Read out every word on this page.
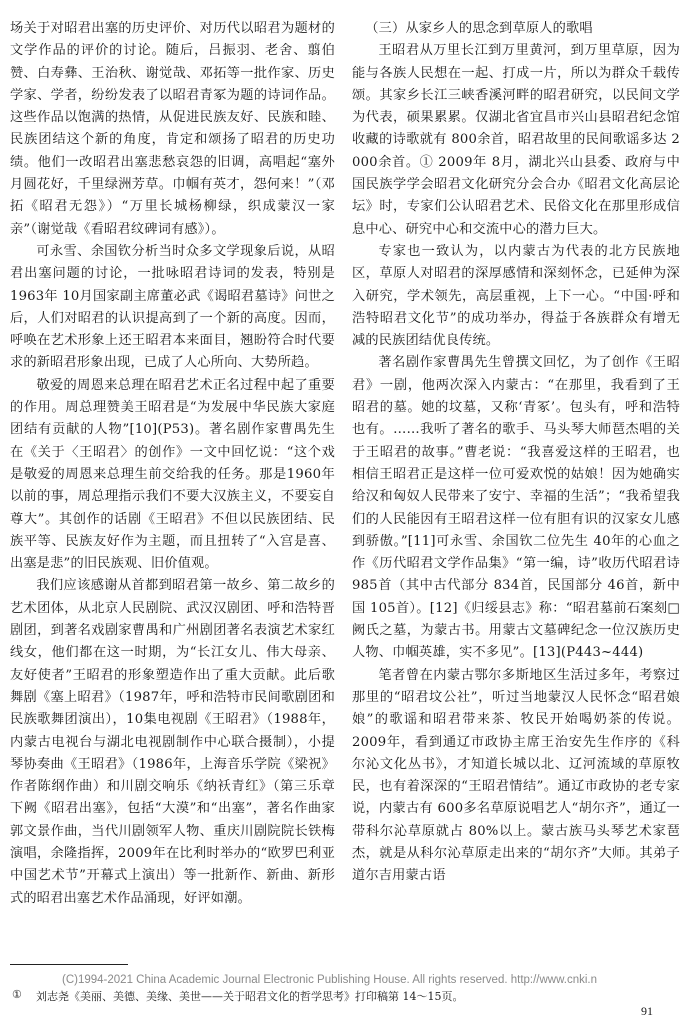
场关于对昭君出塞的历史评价、对历代以昭君为题材的文学作品的评价的讨论。随后，吕振羽、老舍、翦伯赞、白寿彝、王治秋、谢觉哉、邓拓等一批作家、历史学家、学者，纷纷发表了以昭君青冢为题的诗词作品。这些作品以饱满的热情，从促进民族友好、民族和睦、民族团结这个新的角度，肯定和颂扬了昭君的历史功绩。他们一改昭君出塞悲愁哀怨的旧调，高唱起“塞外月圆花好，千里绿洲芳草。巾帼有英才，怨何来！”（邓拓《昭君无怨》）“万里长城杨柳绿，织成蒙汉一家亲”（谢觉哉《看昭君纹碑词有感》）。

可永雪、余国钦分析当时众多文学现象后说，从昭君出塞问题的讨论，一批咏昭君诗词的发表，特别是 1963年 10月国家副主席董必武《谒昭君墓诗》问世之后，人们对昭君的认识提高到了一个新的高度。因而，呼唤在艺术形象上还王昭君本来面目，翘盼符合时代要求的新昭君形象出现，已成了人心所向、大势所趋。

敬爱的周恩来总理在昭君艺术正名过程中起了重要的作用。周总理赞美王昭君是“为发展中华民族大家庭团结有贡献的人物”[10](P53)。著名剧作家曹禺先生在《关于〈王昭君〉的创作》一文中回忆说：“这个戏是敬爱的周恩来总理生前交给我的任务。那是1960年以前的事，周总理指示我们不要大汉族主义，不要妄自尊大”。其创作的话剧《王昭君》不但以民族团结、民族平等、民族友好作为主题，而且扭转了“入宫是喜、出塞是悲”的旧民族观、旧价值观。

我们应该感谢从首都到昭君第一故乡、第二故乡的艺术团体，从北京人民剧院、武汉汉剧团、呼和浩特晋剧团，到著名戏剧家曹禺和广州剧团著名表演艺术家红线女，他们都在这一时期，为“长江女儿、伟大母亲、友好使者”王昭君的形象塑造作出了重大贡献。此后歌舞剧《塞上昭君》（1987年，呼和浩特市民间歌剧团和民族歌舞团演出），10集电视剧《王昭君》（1988年，内蒙古电视台与湖北电视剧制作中心联合摄制），小提琴协奏曲《王昭君》（1986年，上海音乐学院《梁祝》作者陈纲作曲）和川剧交响乐《纳袄青红》（第三乐章下阙《昭君出塞》，包括“大漠”和“出塞”，著名作曲家郭文景作曲，当代川剧领军人物、重庆川剧院院长铁梅演唱，余隆指挥，2009年在比利时举办的“欧罗巴利亚中国艺术节”开幕式上演出）等一批新作、新曲、新形式的昭君出塞艺术作品涌现，好评如潮。

（三）从家乡人的思念到草原人的歌唱

王昭君从万里长江到万里黄河，到万里草原，因为能与各族人民想在一起、打成一片，所以为群众千载传颂。其家乡长江三峡香溪河畔的昭君研究，以民间文学为代表，硕果累累。仅湖北省宜昌市兴山县昭君纪念馆收藏的诗歌就有 800余首，昭君故里的民间歌谣多达 2 000余首。① 2009年 8月，湖北兴山县委、政府与中国民族学学会昭君文化研究分会合办《昭君文化高层论坛》时，专家们公认昭君艺术、民俗文化在那里形成信息中心、研究中心和交流中心的潜力巨大。

专家也一致认为，以内蒙古为代表的北方民族地区，草原人对昭君的深厚感情和深刻怀念，已延伸为深入研究，学术领先，高层重视，上下一心。“中国·呼和浩特昭君文化节”的成功举办，得益于各族群众有增无减的民族团结优良传统。

著名剧作家曹禺先生曾撰文回忆，为了创作《王昭君》一剧，他两次深入内蒙古：“在那里，我看到了王昭君的墓。她的坟墓，又称‘青冢’。包头有，呼和浩特也有。……我听了著名的歌手、马头琴大师琶杰唱的关于王昭君的故事。”曹老说：“我喜爱这样的王昭君，也相信王昭君正是这样一位可爱欢悦的姑娘！因为她确实给汉和匈奴人民带来了安宁、幸福的生活”；“我希望我们的人民能因有王昭君这样一位有胆有识的汉家女儿感到骄傲。”[11]可永雪、余国钦二位先生 40年的心血之作《历代昭君文学作品集》“第一编，诗”收历代昭君诗 985首（其中古代部分 834首，民国部分 46首，新中国 105首）。[12]《归绥县志》称：“昭君墓前石案刻□阙氏之墓，为蒙古书。用蒙古文墓碑纪念一位汉族历史人物、巾帼英雄，实不多见”。[13](P443~444)

笔者曾在内蒙古鄂尔多斯地区生活过多年，考察过那里的“昭君坟公社”，听过当地蒙汉人民怀念“昭君娘娘”的歌谣和昭君带来茶、牧民开始喝奶茶的传说。2009年，看到通辽市政协主席王治安先生作序的《科尔沁文化丛书》，才知道长城以北、辽河流域的草原牧民，也有着深深的“王昭君情结”。通辽市政协的老专家说，内蒙古有 600多名草原说唱艺人“胡尔齐”，通辽一带科尔沁草原就占 80%以上。蒙古族马头琴艺术家琶杰，就是从科尔沁草原走出来的“胡尔齐”大师。其弟子道尔吉用蒙古语

(C)1994-2021 China Academic Journal Electronic Publishing House. All rights reserved. http://www.cnki.n
① 刘志尧《美丽、美德、美缘、美世——关于昭君文化的哲学思考》打印稿第 14～15页。
91
